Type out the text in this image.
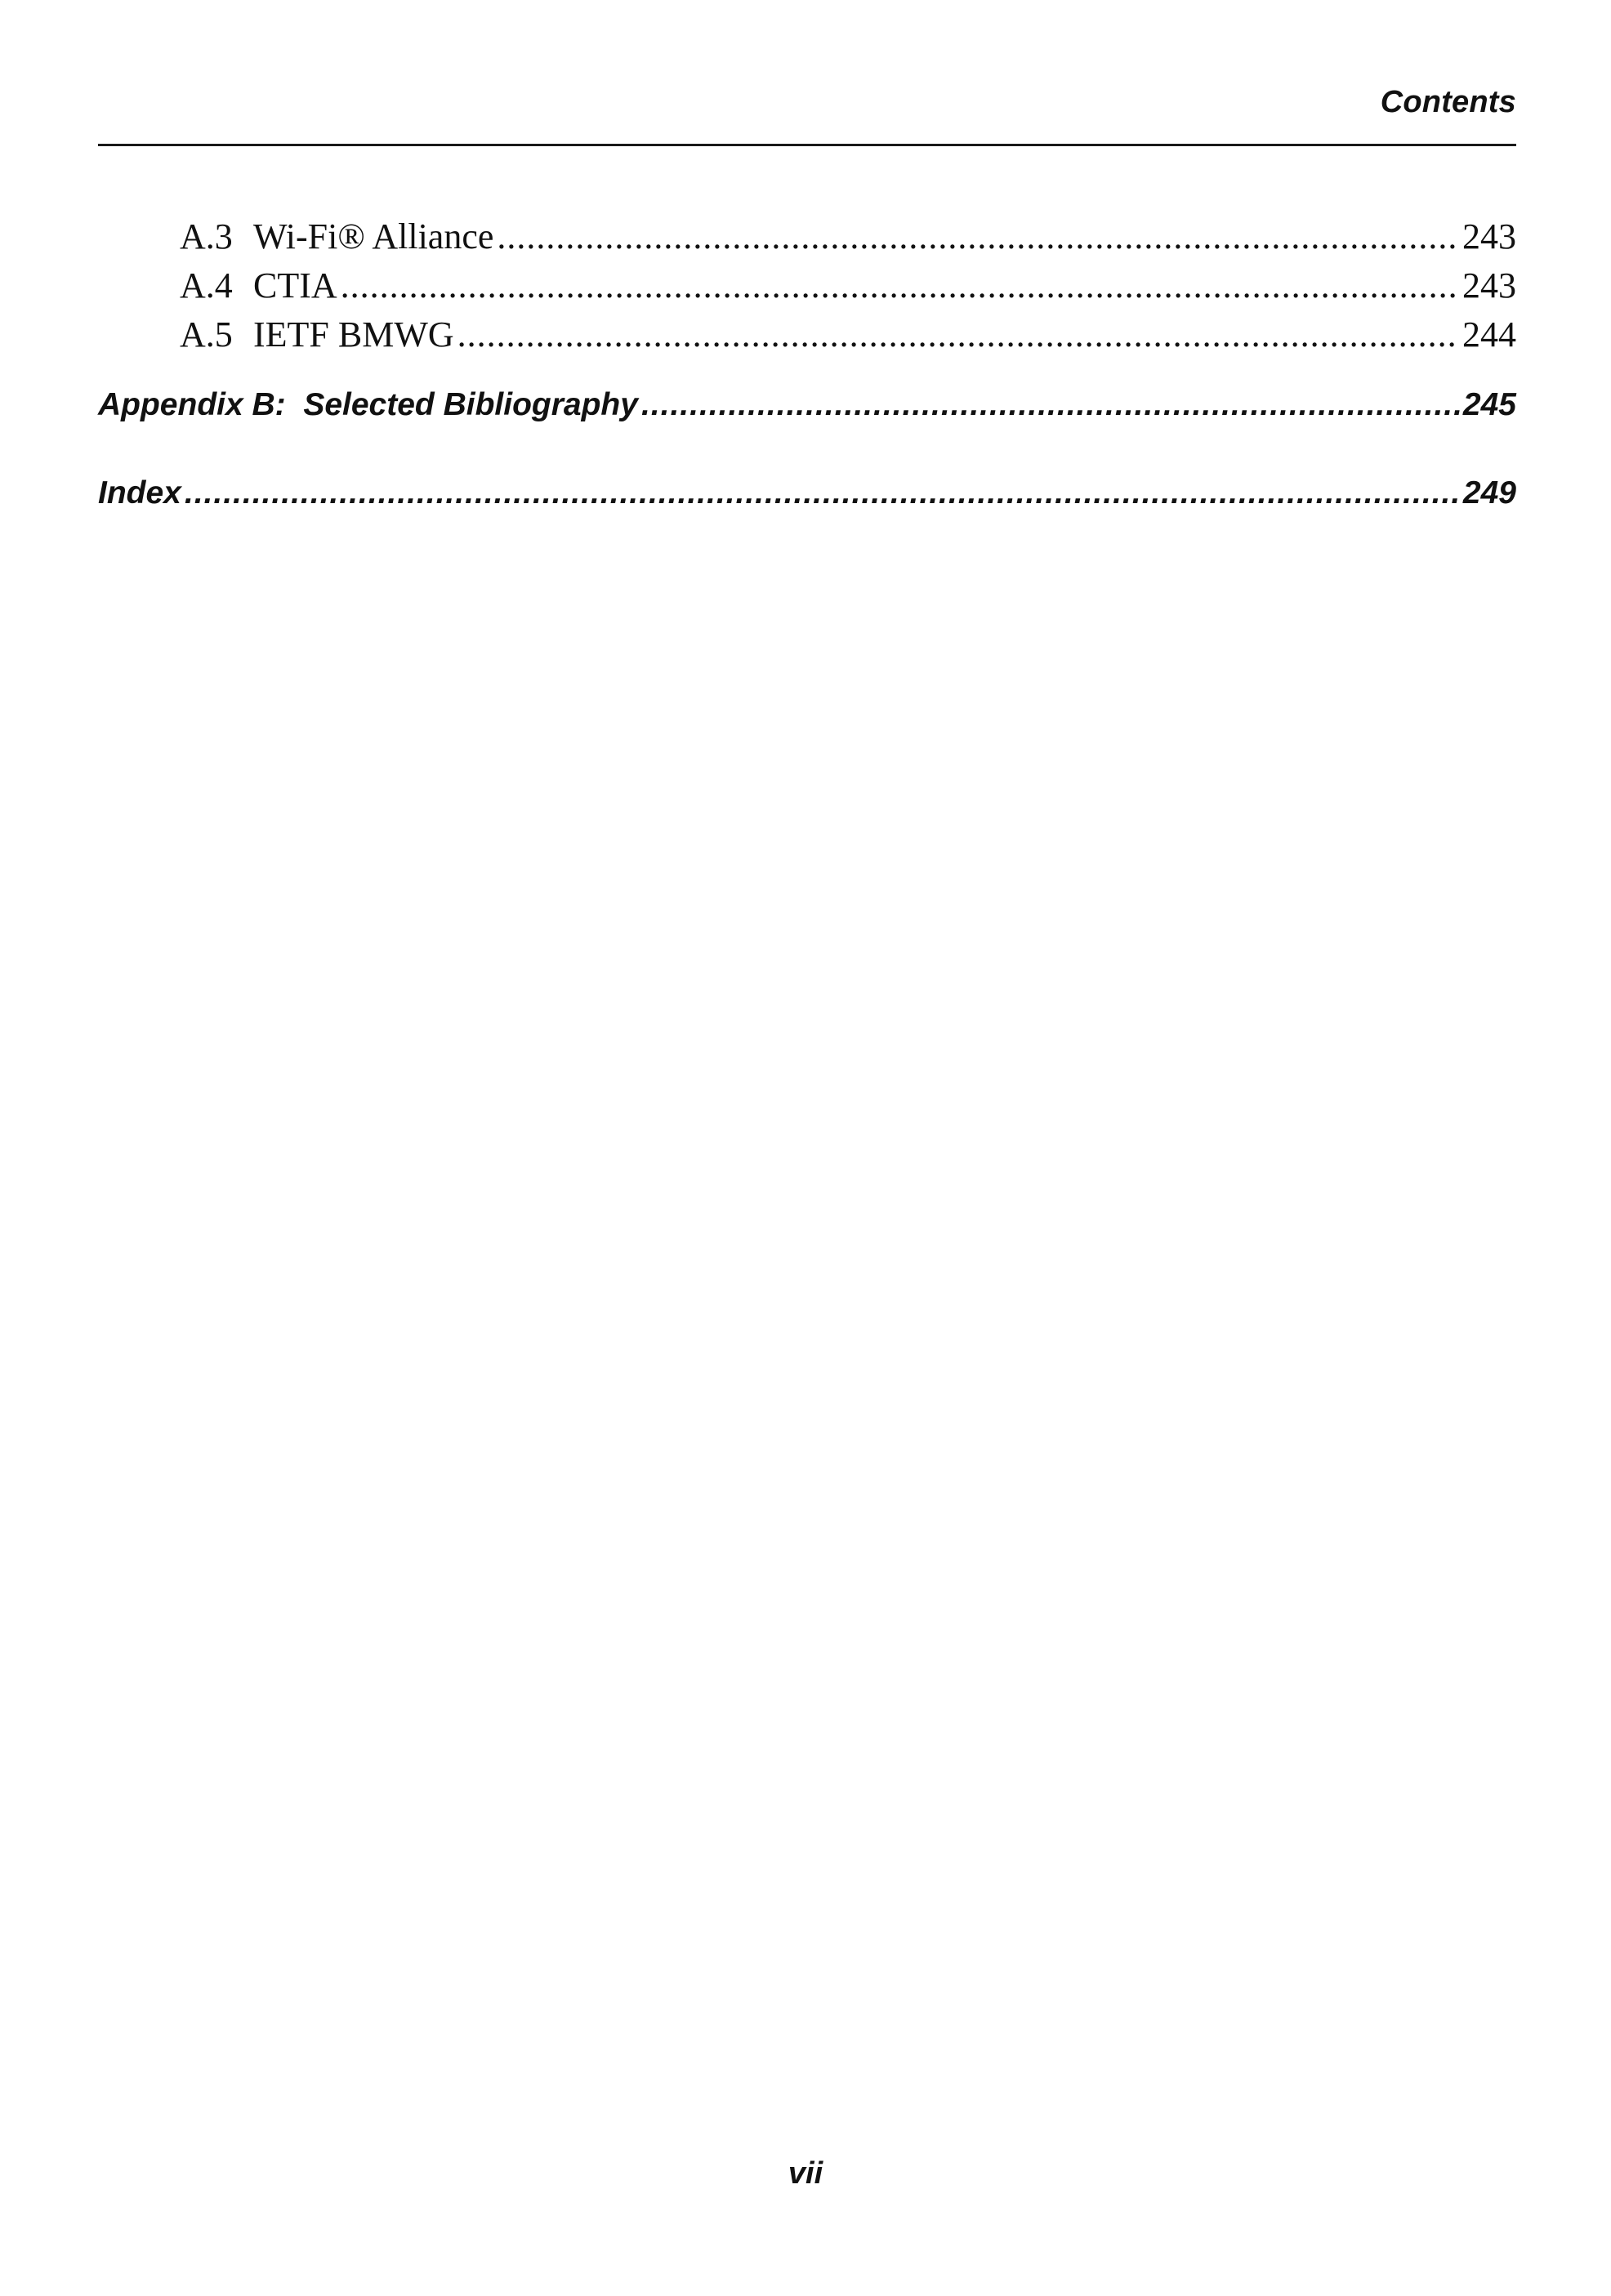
Contents
A.3 Wi-Fi® Alliance .....	243
A.4 CTIA .....	243
A.5 IETF BMWG .....	244
Appendix B:  Selected Bibliography .....	245
Index .....	249
vii
